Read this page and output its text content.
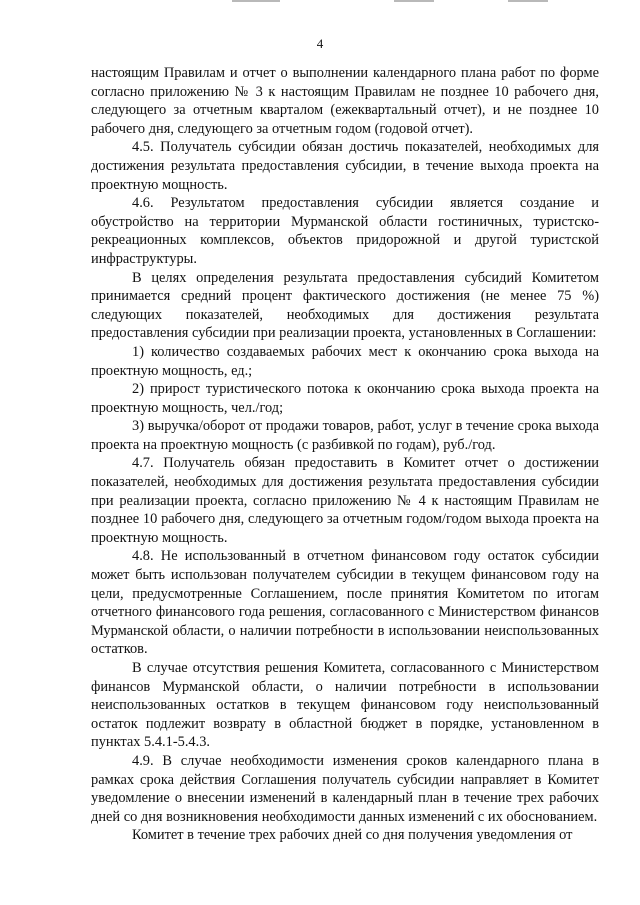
4

настоящим Правилам и отчет о выполнении календарного плана работ по форме согласно приложению № 3 к настоящим Правилам не позднее 10 рабочего дня, следующего за отчетным кварталом (ежеквартальный отчет), и не позднее 10 рабочего дня, следующего за отчетным годом (годовой отчет).

4.5. Получатель субсидии обязан достичь показателей, необходимых для достижения результата предоставления субсидии, в течение выхода проекта на проектную мощность.

4.6. Результатом предоставления субсидии является создание и обустройство на территории Мурманской области гостиничных, туристско-рекреационных комплексов, объектов придорожной и другой туристской инфраструктуры.

В целях определения результата предоставления субсидий Комитетом принимается средний процент фактического достижения (не менее 75 %) следующих показателей, необходимых для достижения результата предоставления субсидии при реализации проекта, установленных в Соглашении:

1) количество создаваемых рабочих мест к окончанию срока выхода на проектную мощность, ед.;

2) прирост туристического потока к окончанию срока выхода проекта на проектную мощность, чел./год;

3) выручка/оборот от продажи товаров, работ, услуг в течение срока выхода проекта на проектную мощность (с разбивкой по годам), руб./год.

4.7. Получатель обязан предоставить в Комитет отчет о достижении показателей, необходимых для достижения результата предоставления субсидии при реализации проекта, согласно приложению № 4 к настоящим Правилам не позднее 10 рабочего дня, следующего за отчетным годом/годом выхода проекта на проектную мощность.

4.8. Не использованный в отчетном финансовом году остаток субсидии может быть использован получателем субсидии в текущем финансовом году на цели, предусмотренные Соглашением, после принятия Комитетом по итогам отчетного финансового года решения, согласованного с Министерством финансов Мурманской области, о наличии потребности в использовании неиспользованных остатков.

В случае отсутствия решения Комитета, согласованного с Министерством финансов Мурманской области, о наличии потребности в использовании неиспользованных остатков в текущем финансовом году неиспользованный остаток подлежит возврату в областной бюджет в порядке, установленном в пунктах 5.4.1-5.4.3.

4.9. В случае необходимости изменения сроков календарного плана в рамках срока действия Соглашения получатель субсидии направляет в Комитет уведомление о внесении изменений в календарный план в течение трех рабочих дней со дня возникновения необходимости данных изменений с их обоснованием.

Комитет в течение трех рабочих дней со дня получения уведомления от
